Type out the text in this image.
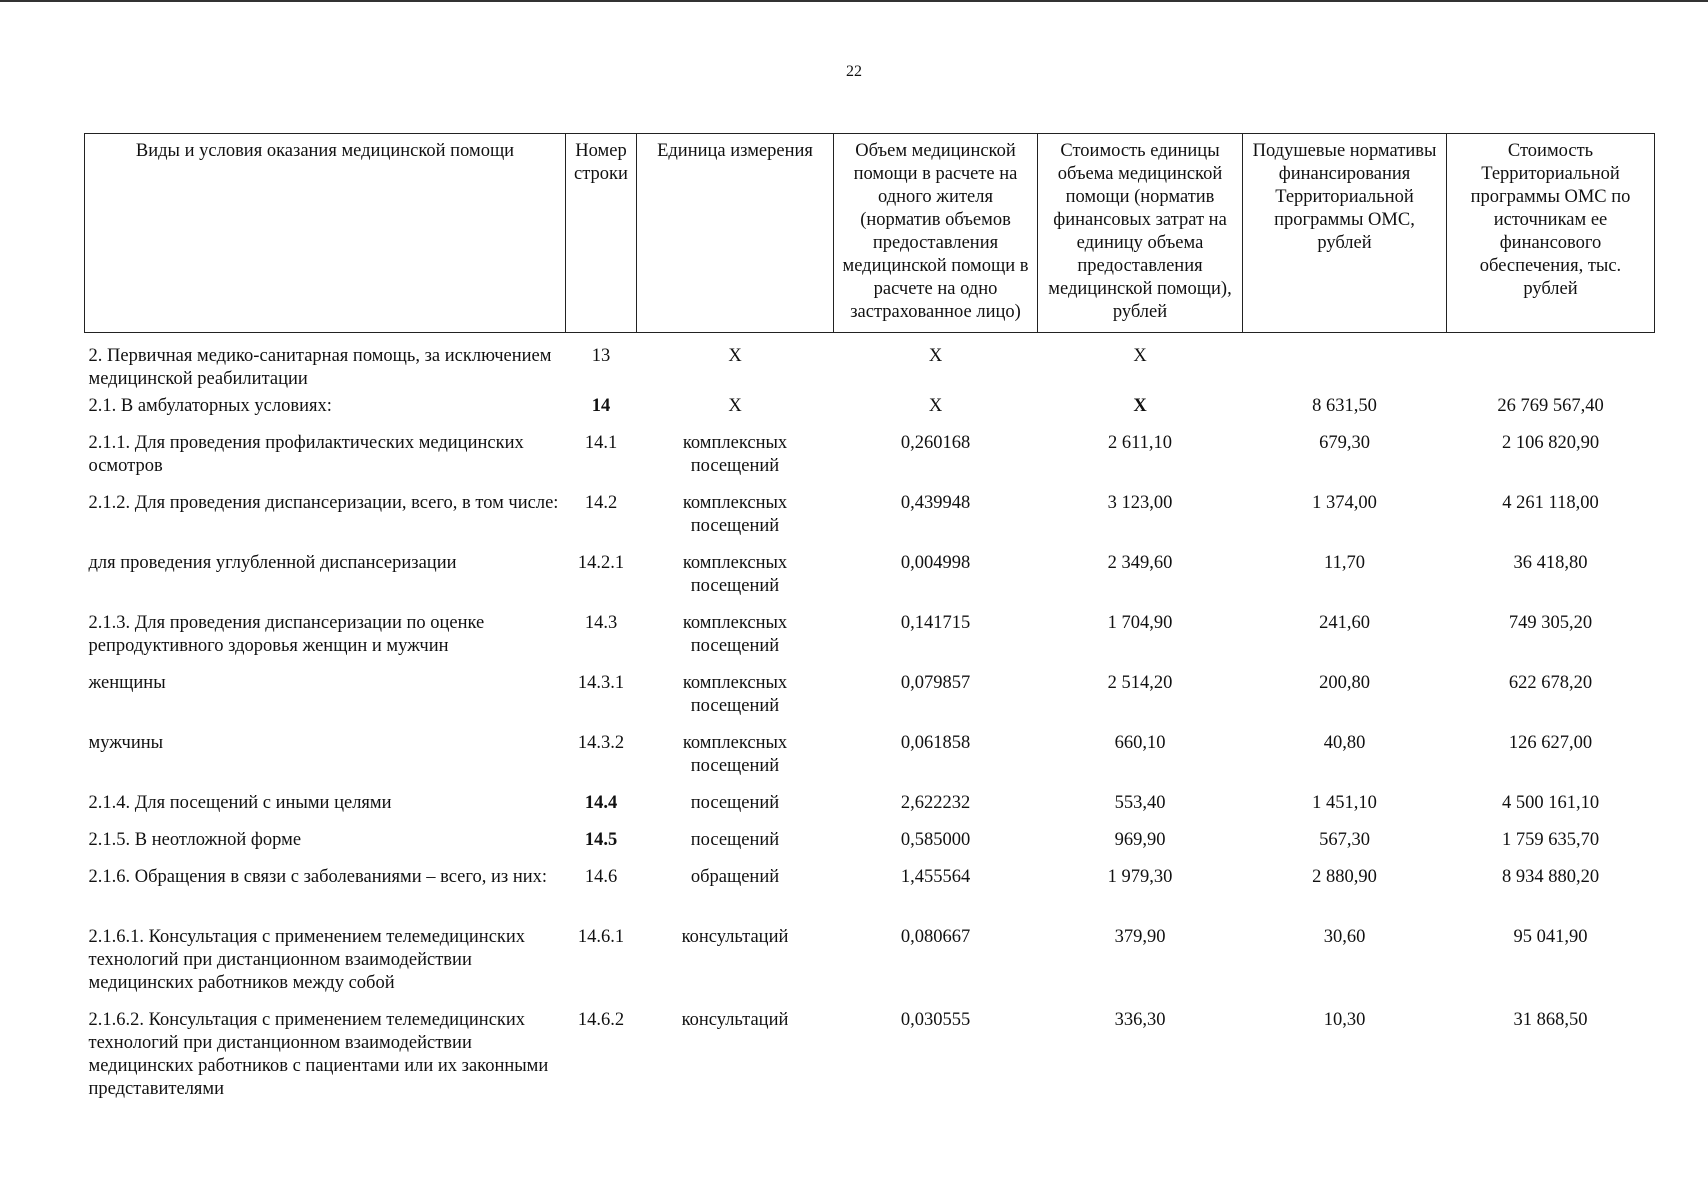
22
Виды и условия оказания медицинской помощи	Номер строки	Единица измерения	Объем медицинской помощи в расчете на одного жителя (норматив объемов предоставления медицинской помощи в расчете на одно застрахованное лицо)	Стоимость единицы объема медицинской помощи (норматив финансовых затрат на единицу объема предоставления медицинской помощи), рублей	Подушевые нормативы финансирования Территориальной программы ОМС, рублей	Стоимость Территориальной программы ОМС по источникам ее финансового обеспечения, тыс. рублей
2. Первичная медико-санитарная помощь, за исключением медицинской реабилитации	13	X	X	X		
2.1. В амбулаторных условиях:	14	X	X	X	8 631,50	26 769 567,40
2.1.1. Для проведения профилактических медицинских осмотров	14.1	комплексных посещений	0,260168	2 611,10	679,30	2 106 820,90
2.1.2. Для проведения диспансеризации, всего, в том числе:	14.2	комплексных посещений	0,439948	3 123,00	1 374,00	4 261 118,00
для проведения углубленной диспансеризации	14.2.1	комплексных посещений	0,004998	2 349,60	11,70	36 418,80
2.1.3. Для проведения диспансеризации по оценке репродуктивного здоровья женщин и мужчин	14.3	комплексных посещений	0,141715	1 704,90	241,60	749 305,20
женщины	14.3.1	комплексных посещений	0,079857	2 514,20	200,80	622 678,20
мужчины	14.3.2	комплексных посещений	0,061858	660,10	40,80	126 627,00
2.1.4. Для посещений с иными целями	14.4	посещений	2,622232	553,40	1 451,10	4 500 161,10
2.1.5. В неотложной форме	14.5	посещений	0,585000	969,90	567,30	1 759 635,70
2.1.6. Обращения в связи с заболеваниями – всего, из них:	14.6	обращений	1,455564	1 979,30	2 880,90	8 934 880,20
2.1.6.1. Консультация с применением телемедицинских технологий при дистанционном взаимодействии медицинских работников между собой	14.6.1	консультаций	0,080667	379,90	30,60	95 041,90
2.1.6.2. Консультация с применением телемедицинских технологий при дистанционном взаимодействии медицинских работников с пациентами или их законными представителями	14.6.2	консультаций	0,030555	336,30	10,30	31 868,50
